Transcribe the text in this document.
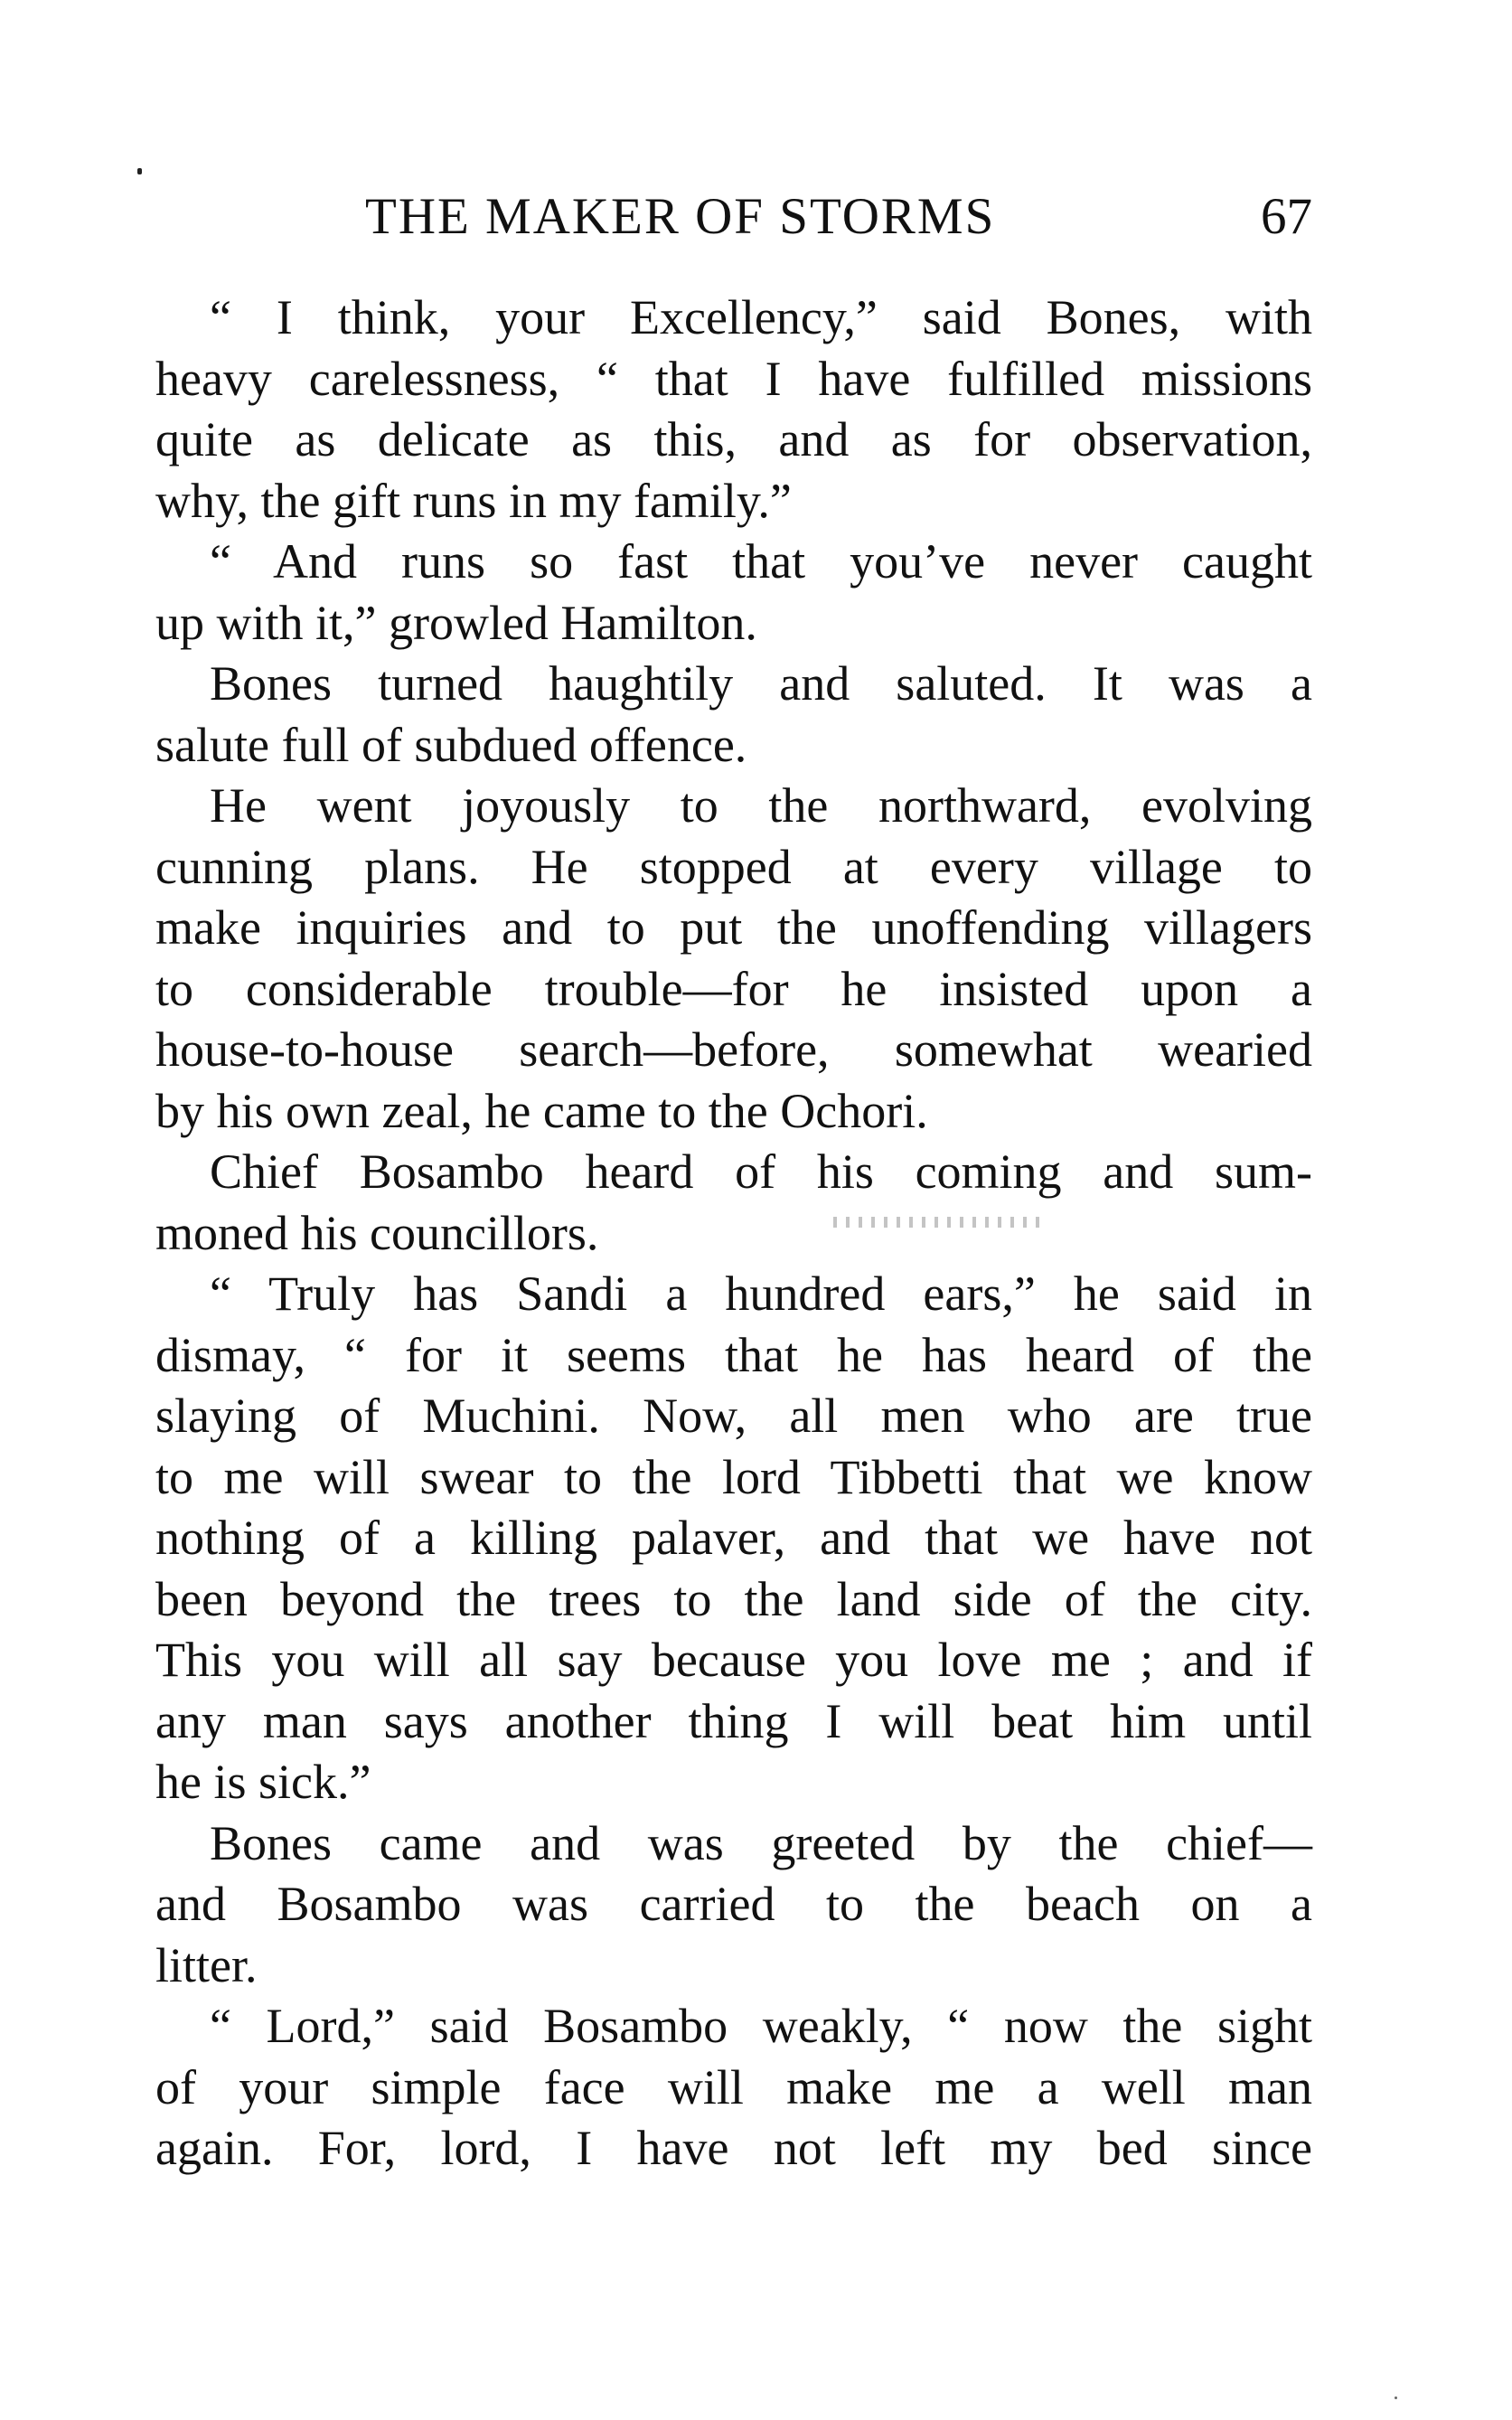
THE MAKER OF STORMS	67

“ I think, your Excellency,” said Bones, with
heavy carelessness, “ that I have fulfilled missions
quite as delicate as this, and as for observation,
why, the gift runs in my family.”

“ And runs so fast that you’ve never caught
up with it,” growled Hamilton.

Bones turned haughtily and saluted. It was a
salute full of subdued offence.

He went joyously to the northward, evolving
cunning plans. He stopped at every village to
make inquiries and to put the unoffending villagers
to considerable trouble—for he insisted upon a
house-to-house search—before, somewhat wearied
by his own zeal, he came to the Ochori.

Chief Bosambo heard of his coming and sum-
moned his councillors.

“ Truly has Sandi a hundred ears,” he said in
dismay, “ for it seems that he has heard of the
slaying of Muchini. Now, all men who are true
to me will swear to the lord Tibbetti that we know
nothing of a killing palaver, and that we have not
been beyond the trees to the land side of the city.
This you will all say because you love me ; and if
any man says another thing I will beat him until
he is sick.”

Bones came and was greeted by the chief—
and Bosambo was carried to the beach on a
litter.

“ Lord,” said Bosambo weakly, “ now the sight
of your simple face will make me a well man
again. For, lord, I have not left my bed since
